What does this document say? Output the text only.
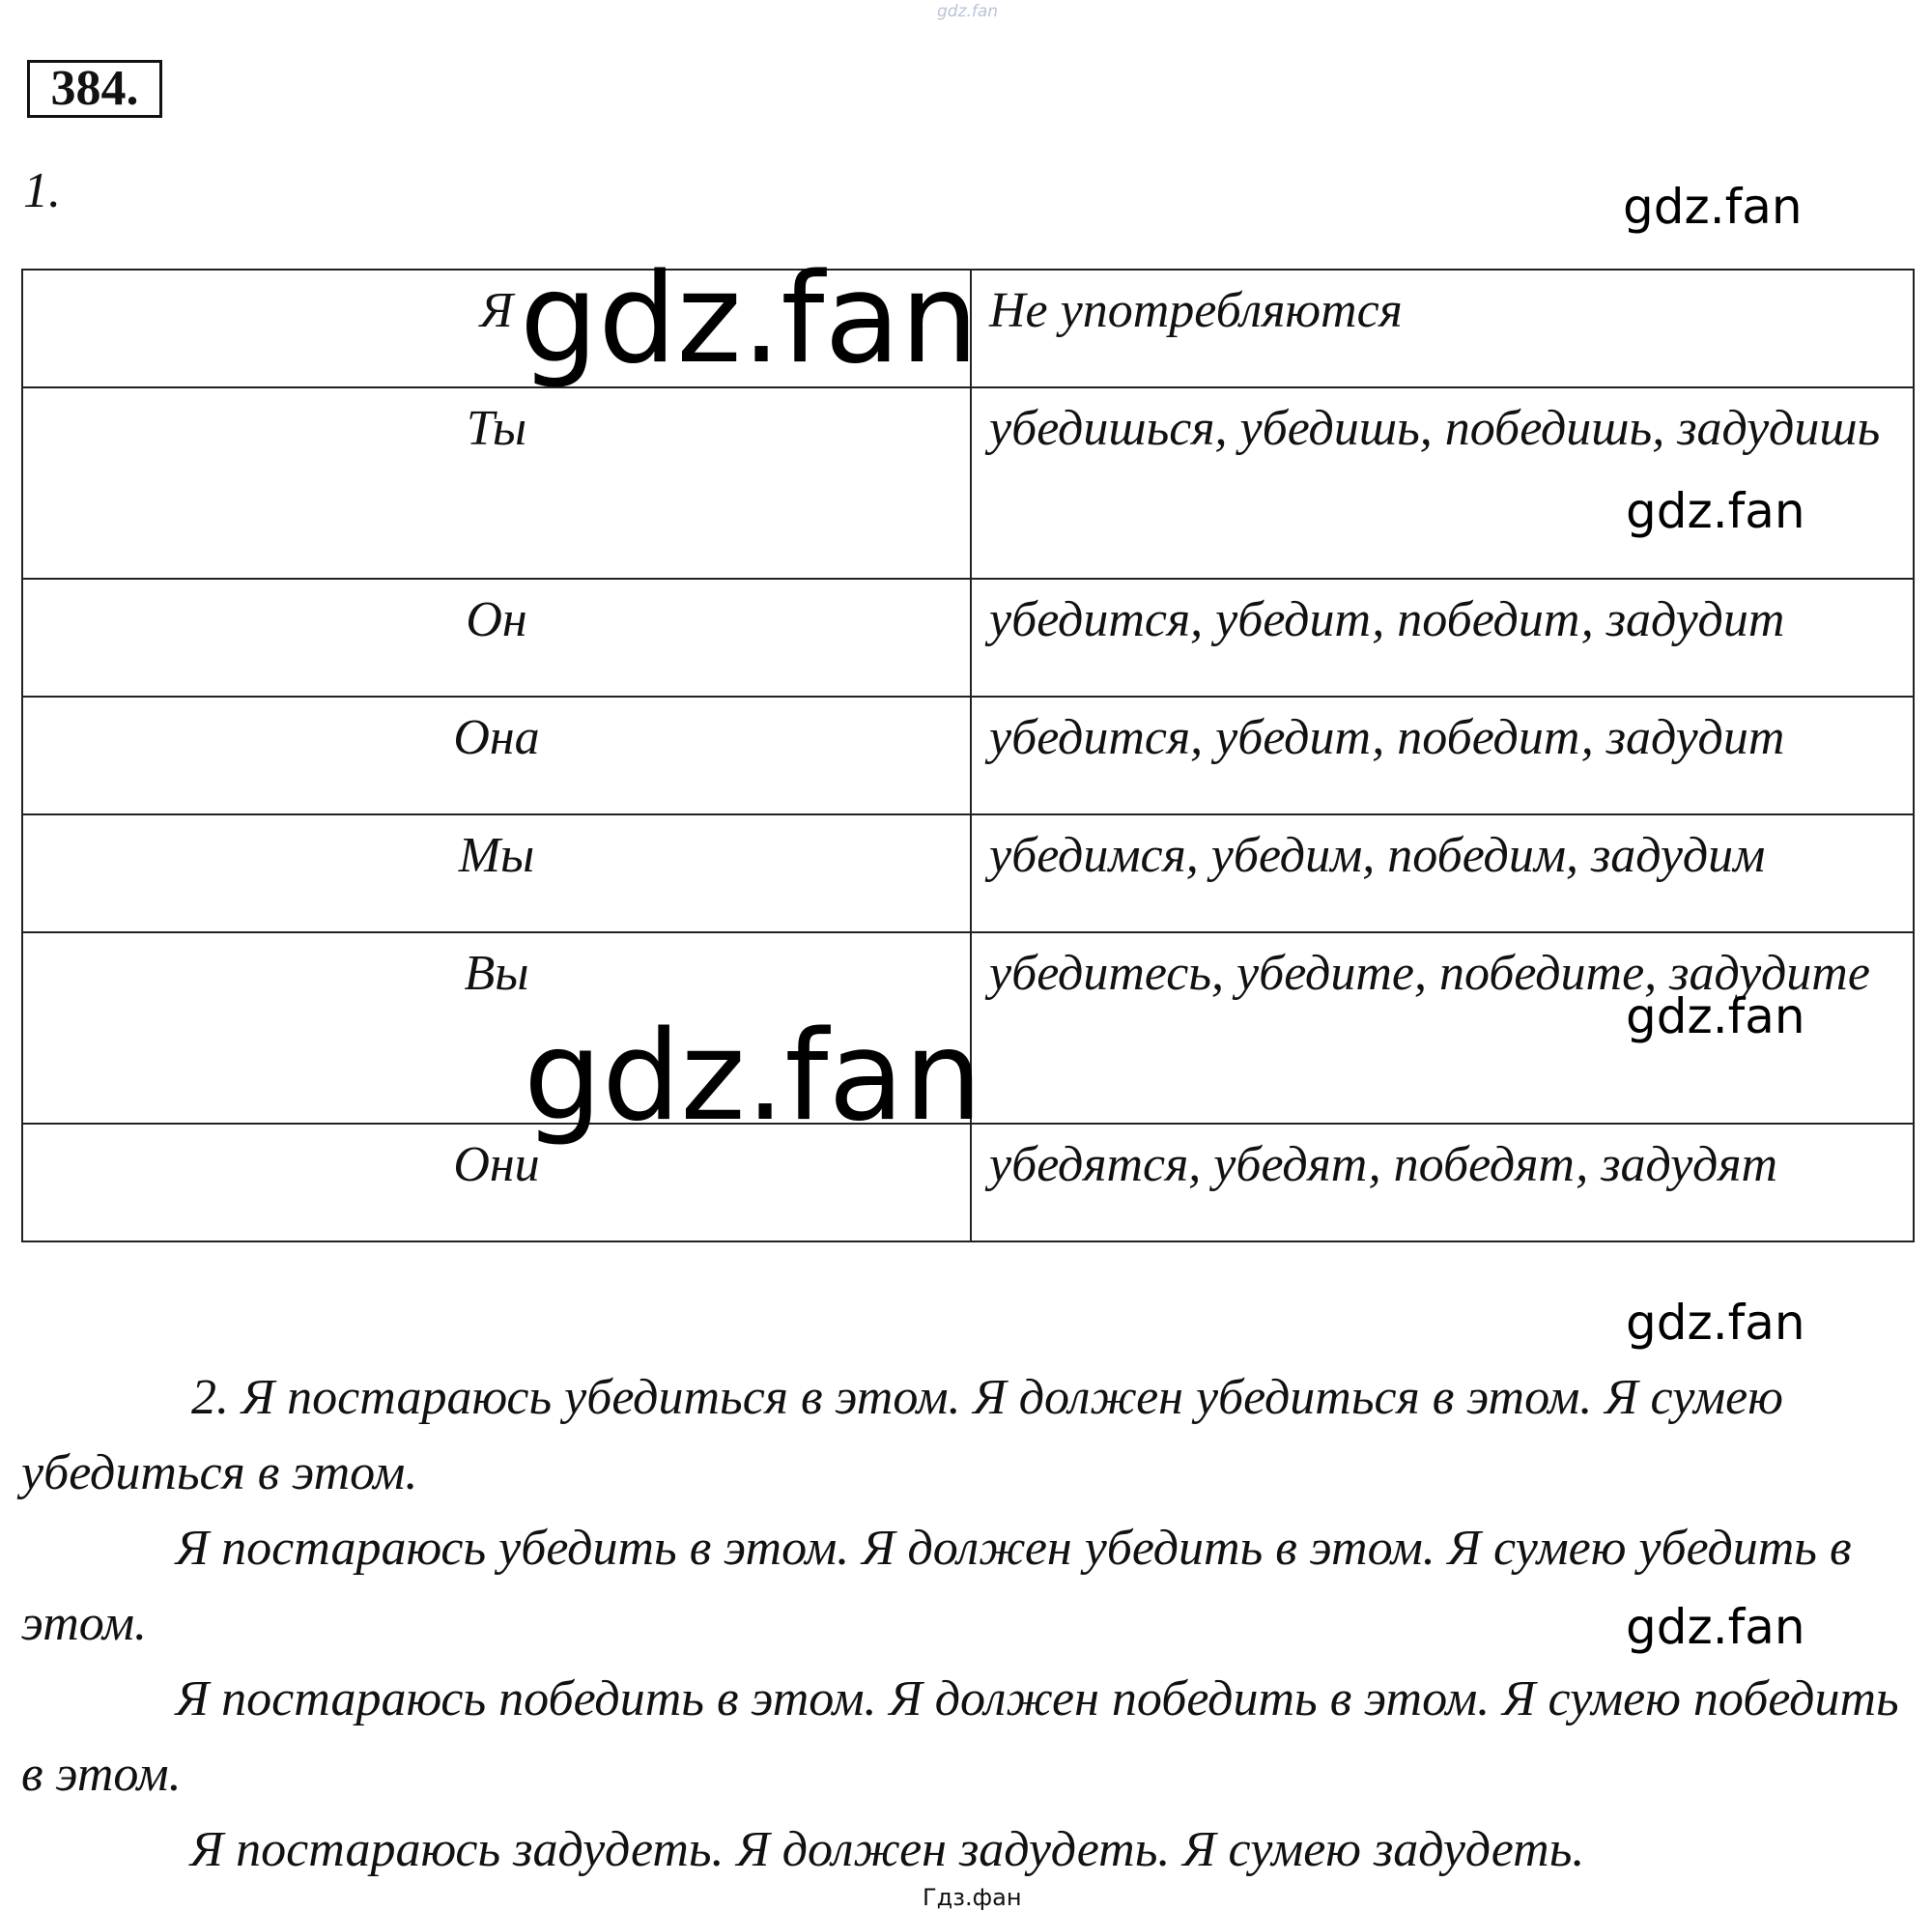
gdz.fan
384.
1.	gdz.fan
Я	Не употребляются
Ты	убедишься, убедишь, победишь, задудишь
Он	убедится, убедит, победит, задудит
Она	убедится, убедит, победит, задудит
Мы	убедимся, убедим, победим, задудим
Вы	убедитесь, убедите, победите, задудите
Они	убедятся, убедят, победят, задудят
gdz.fan
gdz.fan
gdz.fan	gdz.fan
gdz.fan
gdz.fan
2. Я постараюсь убедиться в этом. Я должен убедиться в этом. Я сумею убедиться в этом.
Я постараюсь убедить в этом. Я должен убедить в этом. Я сумею убедить в этом.
Я постараюсь победить в этом. Я должен победить в этом. Я сумею победить в этом.
Я постараюсь задудеть. Я должен задудеть. Я сумею задудеть.
Гдз.фан
